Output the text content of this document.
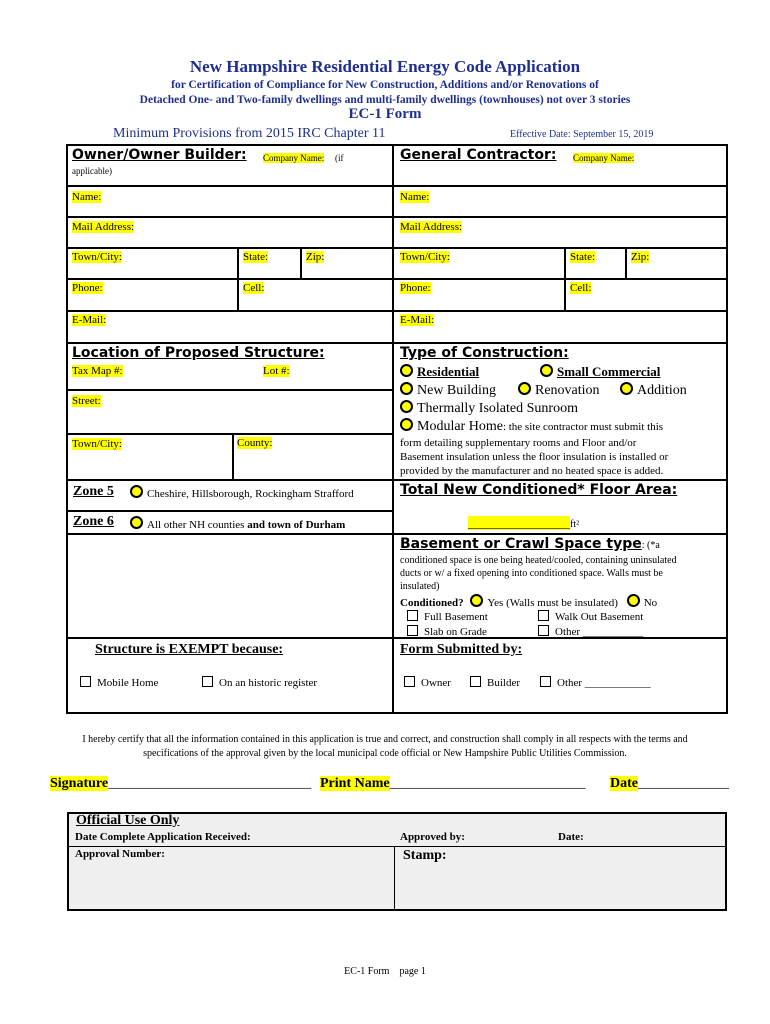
New Hampshire Residential Energy Code Application
for Certification of Compliance for New Construction, Additions and/or Renovations of
Detached One- and Two-family dwellings and multi-family dwellings (townhouses) not over 3 stories
EC-1 Form
Minimum Provisions from 2015 IRC Chapter 11	Effective Date: September 15, 2019
Owner/Owner Builder: Company Name: (if
applicable)
Name:
Mail Address:
Town/City:	State:	Zip:
Phone:	Cell:
E-Mail:
General Contractor: Company Name:
Name:
Mail Address:
Town/City:	State:	Zip:
Phone:	Cell:
E-Mail:
Location of Proposed Structure:
Tax Map #:	Lot #:
Street:
Town/City:	County:
Zone 5	Cheshire, Hillsborough, Rockingham Strafford
Zone 6	All other NH counties and town of Durham
Structure is EXEMPT because:
Mobile Home	On an historic register
Type of Construction:
Residential	Small Commercial
New Building	Renovation	Addition
Thermally Isolated Sunroom
Modular Home: the site contractor must submit this
form detailing supplementary rooms and Floor and/or
Basement insulation unless the floor insulation is installed or
provided by the manufacturer and no heated space is added.
Total New Conditioned* Floor Area:
_________________ft²
Basement or Crawl Space type: (*a
conditioned space is one being heated/cooled, containing uninsulated
ducts or w/ a fixed opening into conditioned space. Walls must be
insulated)
Conditioned? Yes (Walls must be insulated) No
Full Basement	Walk Out Basement
Slab on Grade	Other ___________
Form Submitted by:
Owner	Builder	Other ____________
I hereby certify that all the information contained in this application is true and correct, and construction shall comply in all respects with the terms and
specifications of the approval given by the local municipal code official or New Hampshire Public Utilities Commission.
Signature_____________________________ Print Name____________________________ Date_____________
Official Use Only
Date Complete Application Received:	Approved by:	Date:
Approval Number:	Stamp:
EC-1 Form    page 1
